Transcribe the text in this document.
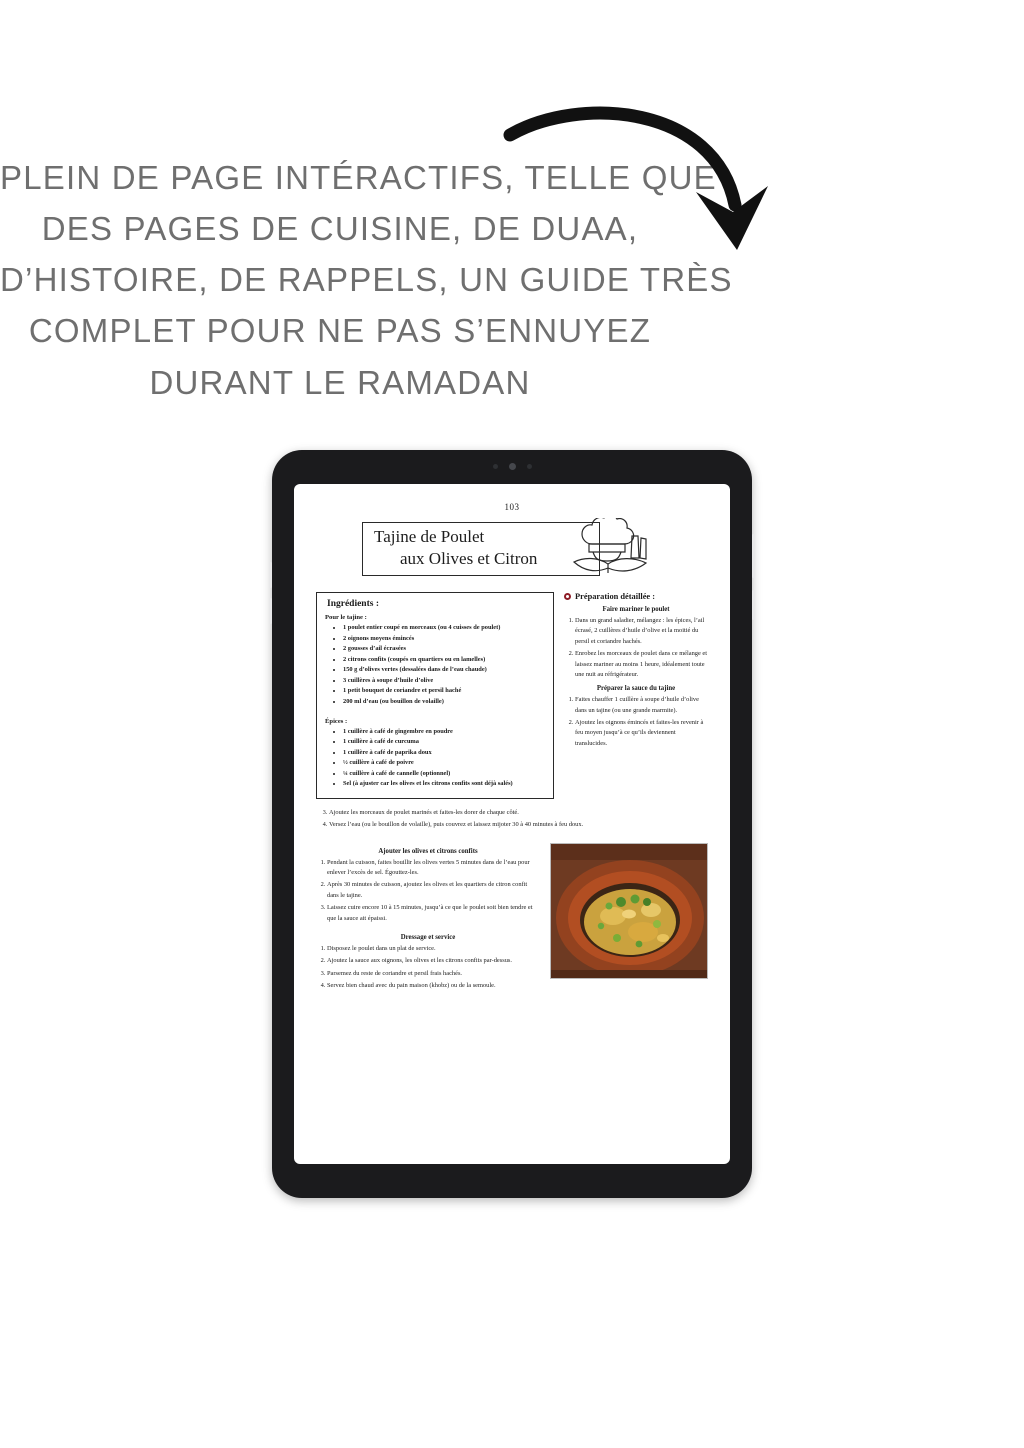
PLEIN DE PAGE INTÉRACTIFS, TELLE QUE
DES PAGES DE CUISINE, DE DUAA,
D’HISTOIRE, DE RAPPELS, UN GUIDE TRÈS
COMPLET POUR NE PAS S’ENNUYEZ
DURANT LE RAMADAN
103
Tajine de Poulet
aux Olives et Citron
Ingrédients :
Pour le tajine :
• 1 poulet entier coupé en morceaux (ou 4 cuisses de poulet)
• 2 oignons moyens émincés
• 2 gousses d’ail écrasées
• 2 citrons confits (coupés en quartiers ou en lamelles)
• 150 g d’olives vertes (dessalées dans de l’eau chaude)
• 3 cuillères à soupe d’huile d’olive
• 1 petit bouquet de coriandre et persil haché
• 200 ml d’eau (ou bouillon de volaille)
Épices :
• 1 cuillère à café de gingembre en poudre
• 1 cuillère à café de curcuma
• 1 cuillère à café de paprika doux
• ½ cuillère à café de poivre
• ¼ cuillère à café de cannelle (optionnel)
• Sel (à ajuster car les olives et les citrons confits sont déjà salés)
Préparation détaillée :
Faire mariner le poulet
1. Dans un grand saladier, mélangez : les épices, l’ail écrasé, 2 cuillères d’huile d’olive et la moitié du persil et coriandre hachés.
2. Enrobez les morceaux de poulet dans ce mélange et laissez mariner au moins 1 heure, idéalement toute une nuit au réfrigérateur.
Préparer la sauce du tajine
1. Faites chauffer 1 cuillère à soupe d’huile d’olive dans un tajine (ou une grande marmite).
2. Ajoutez les oignons émincés et faites-les revenir à feu moyen jusqu’à ce qu’ils deviennent translucides.
3. Ajoutez les morceaux de poulet marinés et faites-les dorer de chaque côté.
4. Versez l’eau (ou le bouillon de volaille), puis couvrez et laissez mijoter 30 à 40 minutes à feu doux.
Ajouter les olives et citrons confits
1. Pendant la cuisson, faites bouillir les olives vertes 5 minutes dans de l’eau pour enlever l’excès de sel. Égouttez-les.
2. Après 30 minutes de cuisson, ajoutez les olives et les quartiers de citron confit dans le tajine.
3. Laissez cuire encore 10 à 15 minutes, jusqu’à ce que le poulet soit bien tendre et que la sauce ait épaissi.
Dressage et service
1. Disposez le poulet dans un plat de service.
2. Ajoutez la sauce aux oignons, les olives et les citrons confits par-dessus.
3. Parsemez du reste de coriandre et persil frais hachés.
4. Servez bien chaud avec du pain maison (khobz) ou de la semoule.
